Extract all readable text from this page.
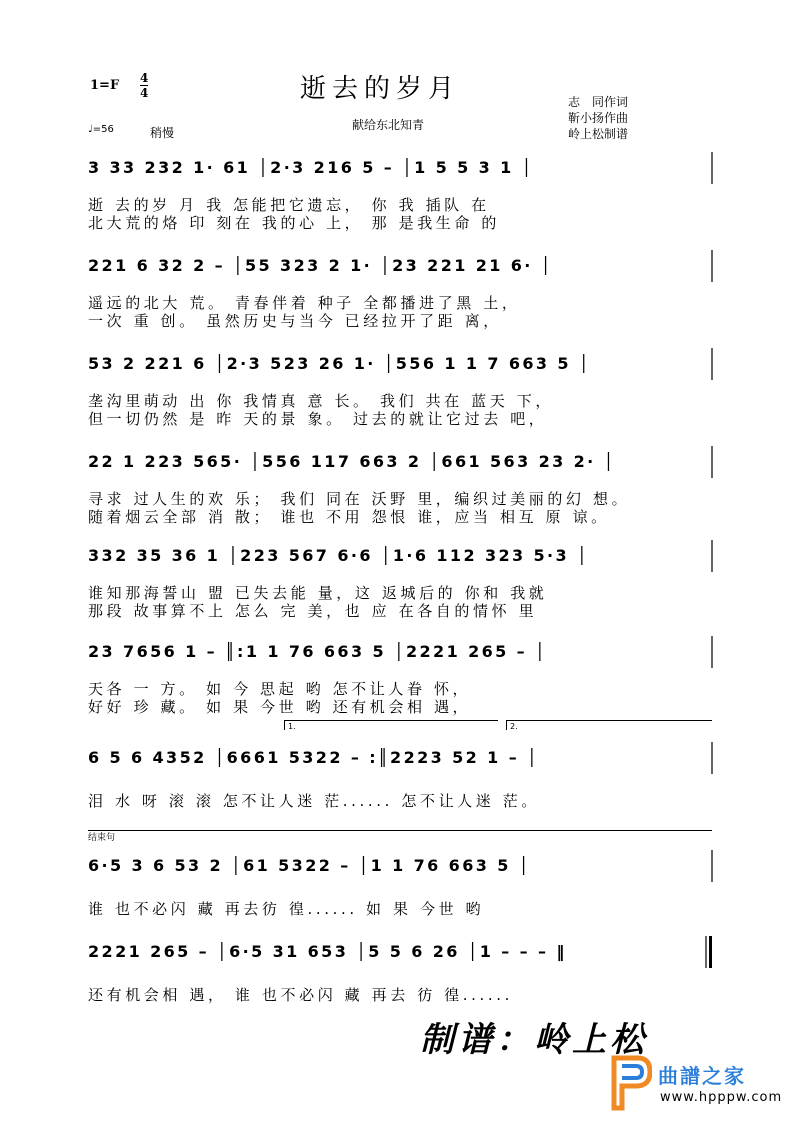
1=F 4
4	逝去的岁月
献给东北知青
志　同作词
靳小扬作曲
岭上松制谱
♩=56	稍慢
3 33 232 1· 61 │2·3 216 5 – │1 5 5 3 1 │
逝 去的岁 月 我 怎能把它遗忘， 你 我 插队 在
北大荒的烙 印 刻在 我的心 上， 那 是我生命 的
221 6 32 2 – │55 323 2 1· │23 221 21 6· │
遥远的北大 荒。 青春伴着 种子 全都播进了黑 土，
一次 重 创。 虽然历史与当今 已经拉开了距 离，
53 2 221 6 │2·3 523 26 1· │556 1 1 7 663 5 │
垄沟里萌动 出 你 我情真 意 长。 我们 共在 蓝天 下，
但一切仍然 是 昨 天的景 象。 过去的就让它过去 吧，
22 1 223 565· │556 117 663 2 │661 563 23 2· │
寻求 过人生的欢 乐； 我们 同在 沃野 里，编织过美丽的幻 想。
随着烟云全部 消 散； 谁也 不用 怨恨 谁，应当 相互 原 谅。
332 35 36 1 │223 567 6·6 │1·6 112 323 5·3 │
谁知那海誓山 盟 已失去能 量，这 返城后的 你和 我就
那段 故事算不上 怎么 完 美，也 应 在各自的情怀 里
23 7656 1 – ║:1 1 76 663 5 │2221 265 – │
天各 一 方。 如 今 思起 哟 怎不让人眷 怀，
好好 珍 藏。 如 果 今世 哟 还有机会相 遇，
1.	2.
6 5 6 4352 │6661 5322 – :║2223 52 1 – │
泪 水 呀 滚 滚 怎不让人迷 茫...... 怎不让人迷 茫。
结束句
6·5 3 6 53 2 │61 5322 – │1 1 76 663 5 │
谁 也不必闪 藏 再去彷 徨...... 如 果 今世 哟
2221 265 – │6·5 31 653 │5 5 6 26 │1 – – – ‖
还有机会相 遇， 谁 也不必闪 藏 再去 彷 徨......
制谱：岭上松
曲譜之家
www.hpppw.com
